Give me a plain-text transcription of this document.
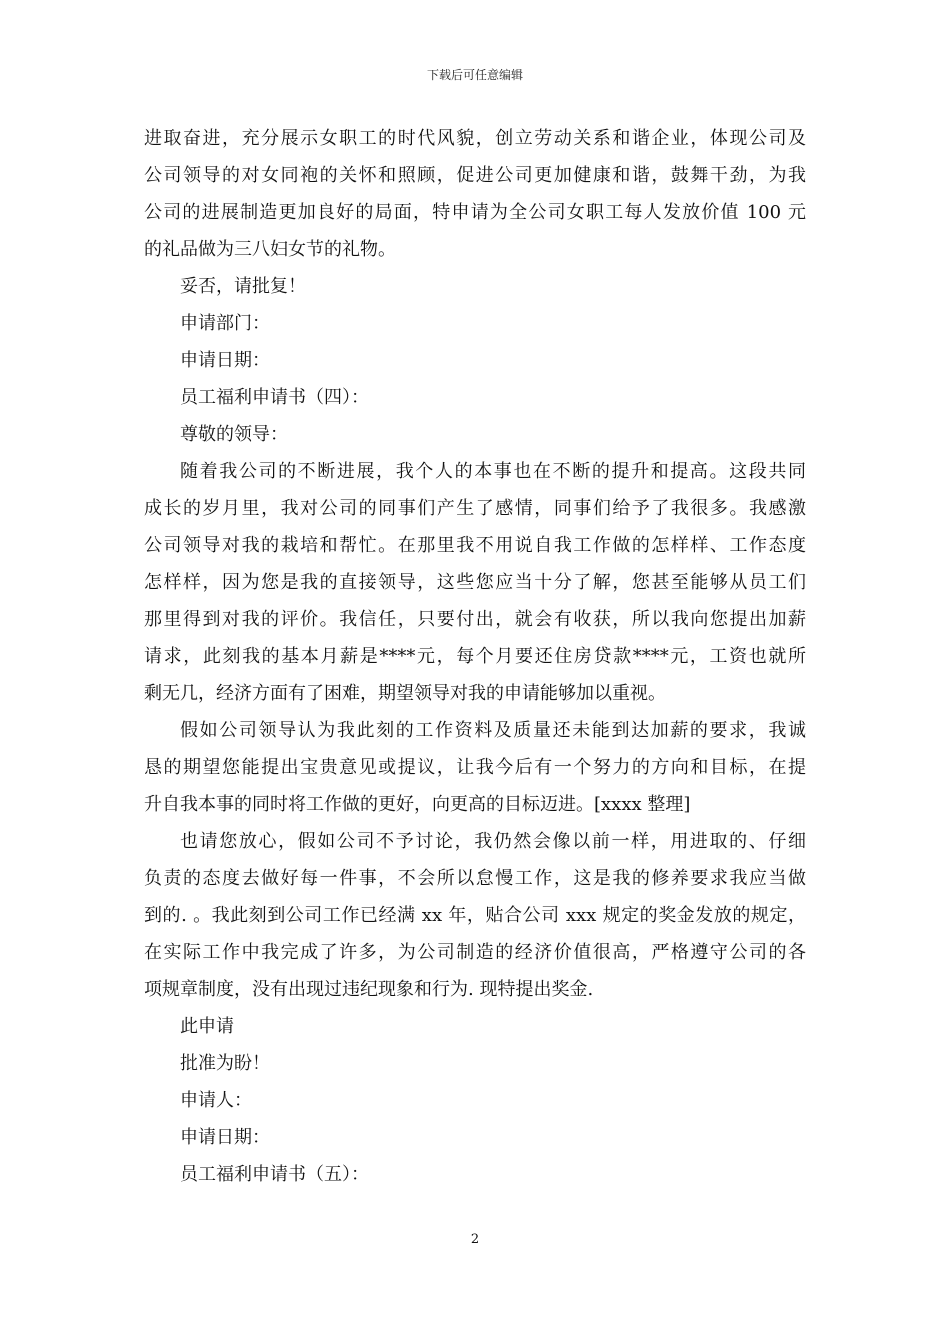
下载后可任意编辑
进取奋进，充分展示女职工的时代风貌，创立劳动关系和谐企业，体现公司及
公司领导的对女同袍的关怀和照顾，促进公司更加健康和谐，鼓舞干劲，为我
公司的进展制造更加良好的局面，特申请为全公司女职工每人发放价值 100 元
的礼品做为三八妇女节的礼物。
妥否，请批复！
申请部门：
申请日期：
员工福利申请书（四）：
尊敬的领导：
随着我公司的不断进展，我个人的本事也在不断的提升和提高。这段共同
成长的岁月里，我对公司的同事们产生了感情，同事们给予了我很多。我感激
公司领导对我的栽培和帮忙。在那里我不用说自我工作做的怎样样、工作态度
怎样样，因为您是我的直接领导，这些您应当十分了解，您甚至能够从员工们
那里得到对我的评价。我信任，只要付出，就会有收获，所以我向您提出加薪
请求，此刻我的基本月薪是****元，每个月要还住房贷款****元，工资也就所
剩无几，经济方面有了困难，期望领导对我的申请能够加以重视。
假如公司领导认为我此刻的工作资料及质量还未能到达加薪的要求，我诚
恳的期望您能提出宝贵意见或提议，让我今后有一个努力的方向和目标，在提
升自我本事的同时将工作做的更好，向更高的目标迈进。[xxxx 整理]
也请您放心，假如公司不予讨论，我仍然会像以前一样，用进取的、仔细
负责的态度去做好每一件事，不会所以怠慢工作，这是我的修养要求我应当做
到的. 。我此刻到公司工作已经满 xx 年，贴合公司 xxx 规定的奖金发放的规定，
在实际工作中我完成了许多，为公司制造的经济价值很高，严格遵守公司的各
项规章制度，没有出现过违纪现象和行为. 现特提出奖金.
此申请
批准为盼！
申请人：
申请日期：
员工福利申请书（五）：
2
